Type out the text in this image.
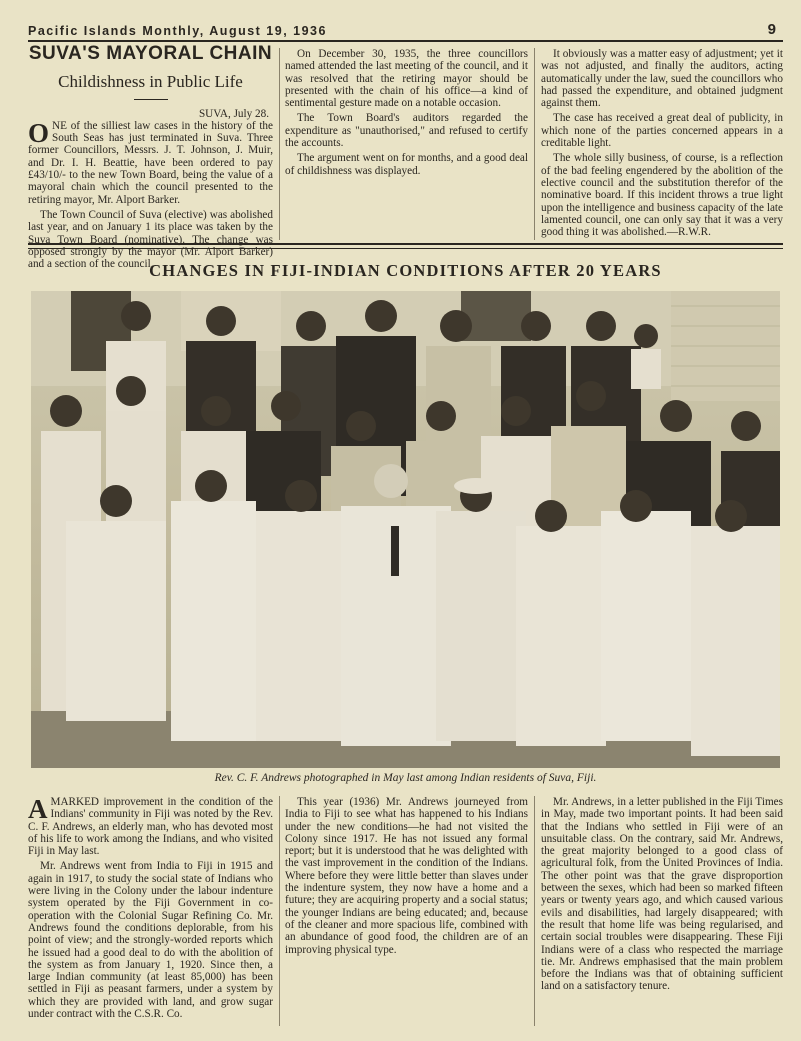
Pacific Islands Monthly, August 19, 1936	9
SUVA'S MAYORAL CHAIN
Childishness in Public Life
SUVA, July 28.

ONE of the silliest law cases in the history of the South Seas has just terminated in Suva. Three former Councillors, Messrs. J. T. Johnson, J. Muir, and Dr. I. H. Beattie, have been ordered to pay £43/10/- to the new Town Board, being the value of a mayoral chain which the council presented to the retiring mayor, Mr. Alport Barker.

The Town Council of Suva (elective) was abolished last year, and on January 1 its place was taken by the Suva Town Board (nominative). The change was opposed strongly by the mayor (Mr. Alport Barker) and a section of the council.

On December 30, 1935, the three councillors named attended the last meeting of the council, and it was resolved that the retiring mayor should be presented with the chain of his office—a kind of sentimental gesture made on a notable occasion.

The Town Board's auditors regarded the expenditure as "unauthorised," and refused to certify the accounts.

The argument went on for months, and a good deal of childishness was displayed.

It obviously was a matter easy of adjustment; yet it was not adjusted, and finally the auditors, acting automatically under the law, sued the councillors who had passed the expenditure, and obtained judgment against them.

The case has received a great deal of publicity, in which none of the parties concerned appears in a creditable light.

The whole silly business, of course, is a reflection of the bad feeling engendered by the abolition of the elective council and the substitution therefor of the nominative board. If this incident throws a true light upon the intelligence and business capacity of the late lamented council, one can only say that it was a very good thing it was abolished.—R.W.R.

CHANGES IN FIJI-INDIAN CONDITIONS AFTER 20 YEARS
Rev. C. F. Andrews photographed in May last among Indian residents of Suva, Fiji.

AMARKED improvement in the condition of the Indians' community in Fiji was noted by the Rev. C. F. Andrews, an elderly man, who has devoted most of his life to work among the Indians, and who visited Fiji in May last.

Mr. Andrews went from India to Fiji in 1915 and again in 1917, to study the social state of Indians who were living in the Colony under the labour indenture system operated by the Fiji Government in co-operation with the Colonial Sugar Refining Co. Mr. Andrews found the conditions deplorable, from his point of view; and the strongly-worded reports which he issued had a good deal to do with the abolition of the system as from January 1, 1920. Since then, a large Indian community (at least 85,000) has been settled in Fiji as peasant farmers, under a system by which they are provided with land, and grow sugar under contract with the C.S.R. Co.

This year (1936) Mr. Andrews journeyed from India to Fiji to see what has happened to his Indians under the new conditions—he had not visited the Colony since 1917. He has not issued any formal report; but it is understood that he was delighted with the vast improvement in the condition of the Indians. Where before they were little better than slaves under the indenture system, they now have a home and a future; they are acquiring property and a social status; the younger Indians are being educated; and, because of the cleaner and more spacious life, combined with an abundance of good food, the children are of an improving physical type.

Mr. Andrews, in a letter published in the Fiji Times in May, made two important points. It had been said that the Indians who settled in Fiji were of an unsuitable class. On the contrary, said Mr. Andrews, the great majority belonged to a good class of agricultural folk, from the United Provinces of India. The other point was that the grave disproportion between the sexes, which had been so marked fifteen years or twenty years ago, and which caused various evils and disabilities, had largely disappeared; with the result that home life was being regularised, and certain social troubles were disappearing. These Fiji Indians were of a class who respected the marriage tie. Mr. Andrews emphasised that the main problem before the Indians was that of obtaining sufficient land on a satisfactory tenure.
